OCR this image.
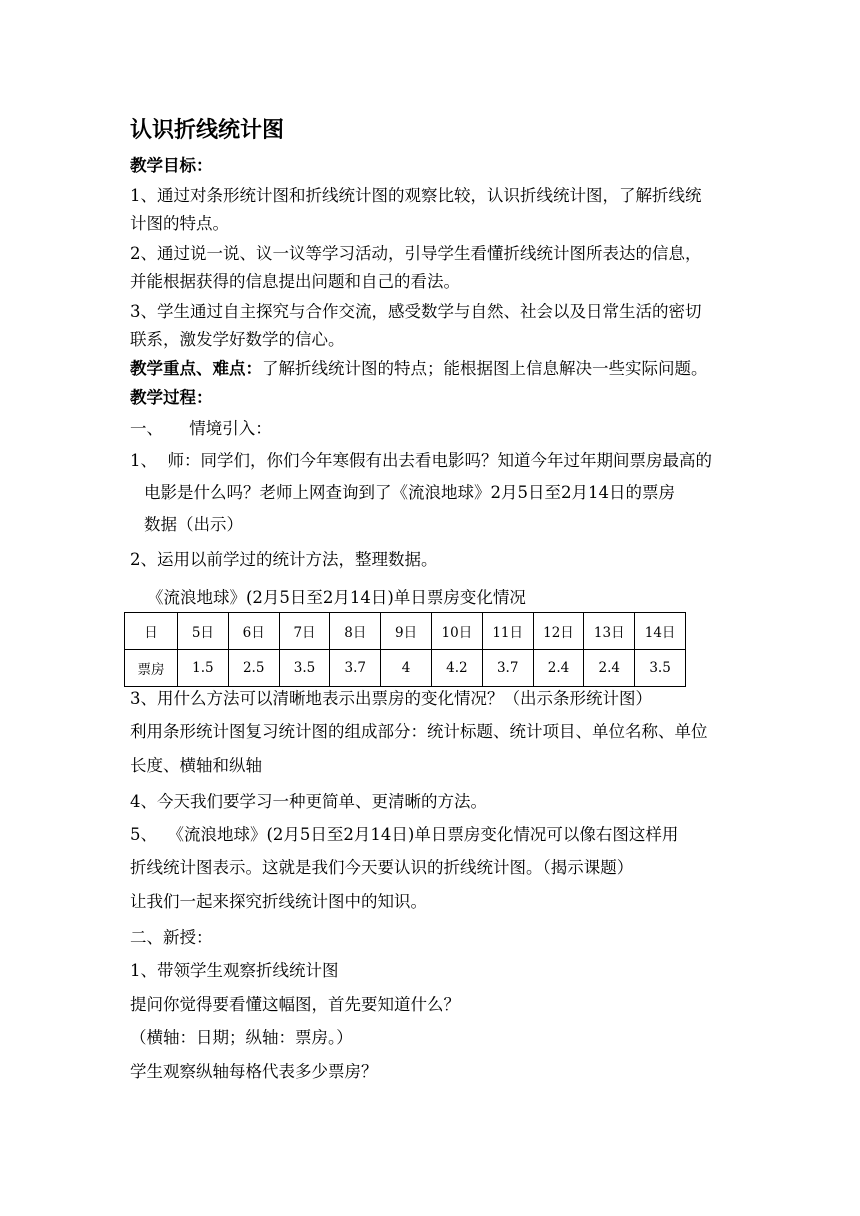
认识折线统计图
教学目标：
1、通过对条形统计图和折线统计图的观察比较，认识折线统计图，了解折线统
计图的特点。
2、通过说一说、议一议等学习活动，引导学生看懂折线统计图所表达的信息，
并能根据获得的信息提出问题和自己的看法。
3、学生通过自主探究与合作交流，感受数学与自然、社会以及日常生活的密切
联系，激发学好数学的信心。
教学重点、难点：了解折线统计图的特点；能根据图上信息解决一些实际问题。
教学过程：
一、     情境引入：
1、  师：同学们，你们今年寒假有出去看电影吗？知道今年过年期间票房最高的
电影是什么吗？老师上网查询到了《流浪地球》2月5日至2月14日的票房
数据（出示）
2、运用以前学过的统计方法，整理数据。
《流浪地球》(2月5日至2月14日)单日票房变化情况
日	5日	6日	7日	8日	9日	10日	11日	12日	13日	14日
票房	1.5	2.5	3.5	3.7	4	4.2	3.7	2.4	2.4	3.5
3、用什么方法可以清晰地表示出票房的变化情况？（出示条形统计图）
利用条形统计图复习统计图的组成部分：统计标题、统计项目、单位名称、单位
长度、横轴和纵轴
4、今天我们要学习一种更简单、更清晰的方法。
5、  《流浪地球》(2月5日至2月14日)单日票房变化情况可以像右图这样用
折线统计图表示。这就是我们今天要认识的折线统计图。（揭示课题）
让我们一起来探究折线统计图中的知识。
二、新授：
1、带领学生观察折线统计图
提问你觉得要看懂这幅图，首先要知道什么？
（横轴：日期；纵轴：票房。）
学生观察纵轴每格代表多少票房？
